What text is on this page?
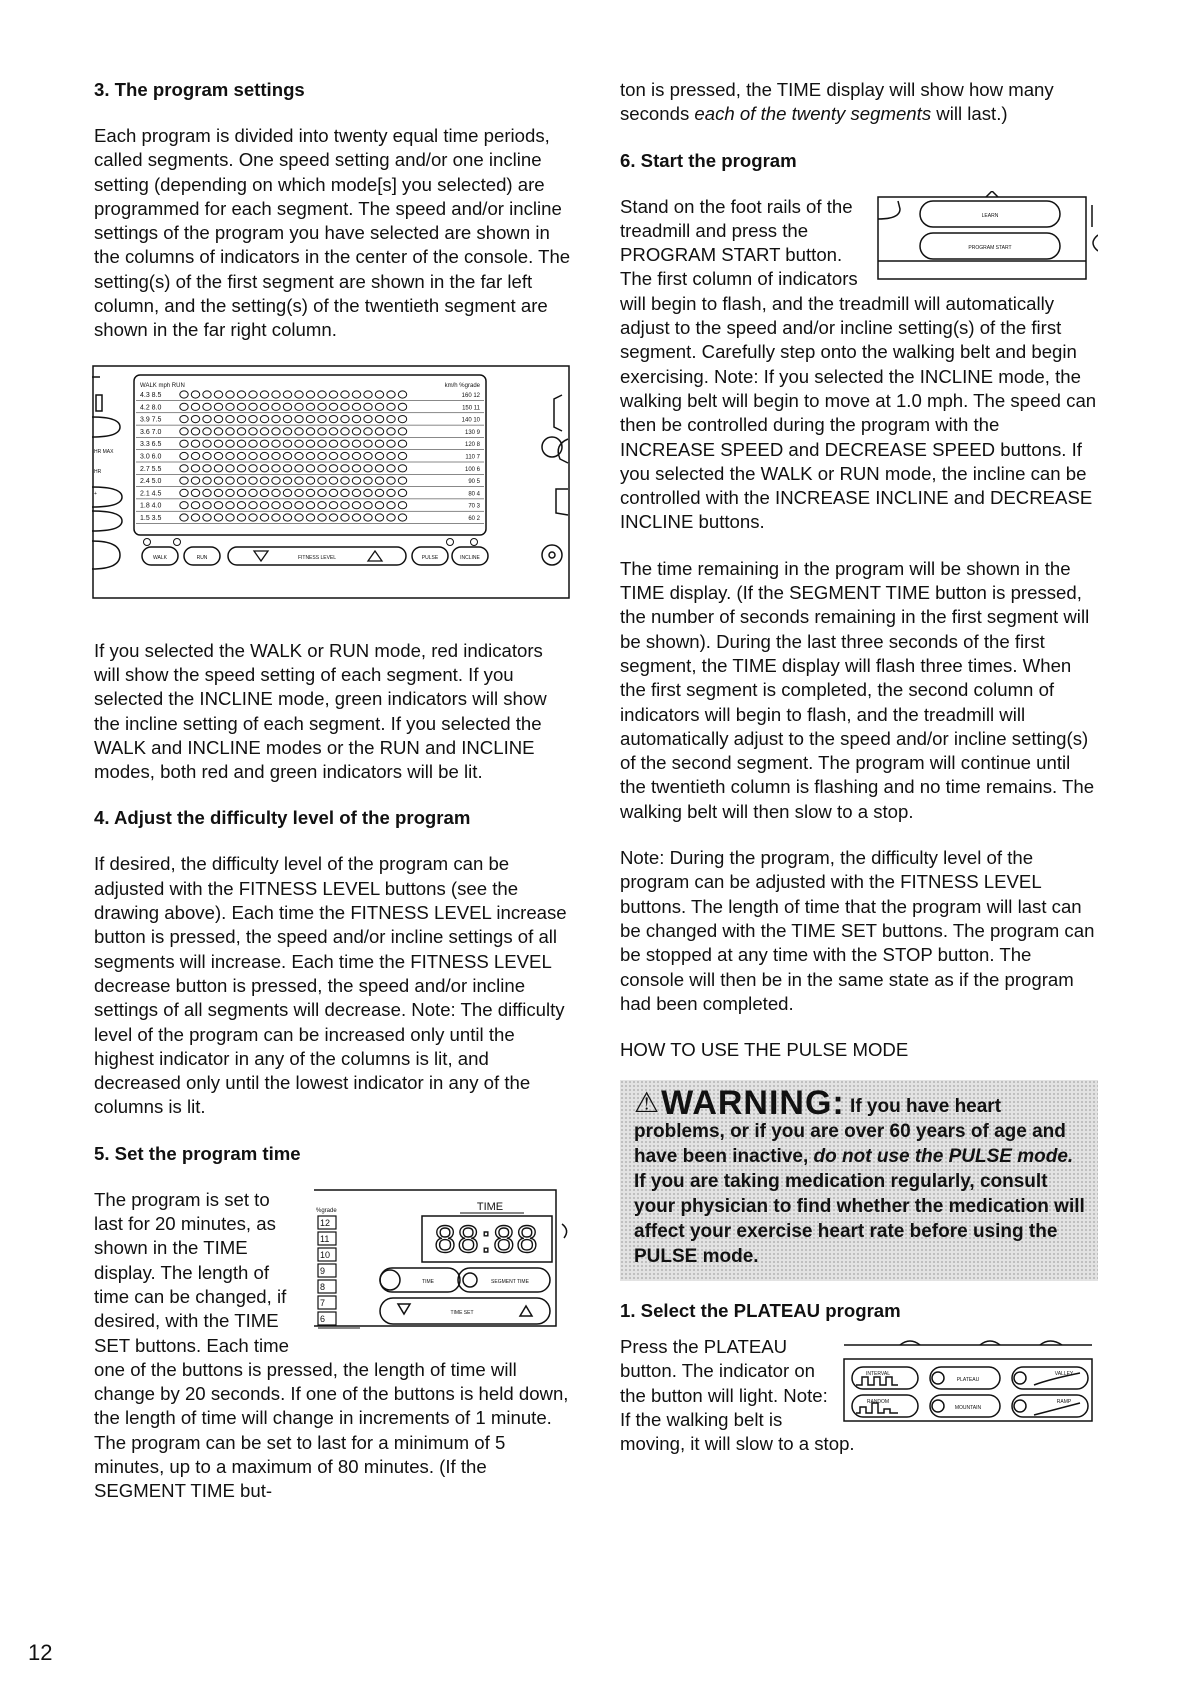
3. The program settings

Each program is divided into twenty equal time periods, called segments. One speed setting and/or one incline setting (depending on which mode[s] you selected) are programmed for each segment. The speed and/or incline settings of the program you have selected are shown in the columns of indicators in the center of the console. The setting(s) of the first segment are shown in the far left column, and the setting(s) of the twentieth segment are shown in the far right column.

WALK mph RUN	km/h %grade
4.3 8.5	160 12
4.2 8.0	150 11
3.9 7.5	140 10
3.6 7.0	130 9
3.3 6.5	120 8
3.0 6.0	110 7
2.7 5.5	100 6
2.4 5.0	90 5
2.1 4.5	80 4
1.8 4.0	70 3
1.5 3.5	60 2
HR MAX
HR
+
WALK	RUN	FITNESS LEVEL	PULSE	INCLINE

If you selected the WALK or RUN mode, red indicators will show the speed setting of each segment. If you selected the INCLINE mode, green indicators will show the incline setting of each segment. If you selected the WALK and INCLINE modes or the RUN and INCLINE modes, both red and green indicators will be lit.

4. Adjust the difficulty level of the program

If desired, the difficulty level of the program can be adjusted with the FITNESS LEVEL buttons (see the drawing above). Each time the FITNESS LEVEL increase button is pressed, the speed and/or incline settings of all segments will increase. Each time the FITNESS LEVEL decrease button is pressed, the speed and/or incline settings of all segments will decrease. Note: The difficulty level of the program can be increased only until the highest indicator in any of the columns is lit, and decreased only until the lowest indicator in any of the columns is lit.

5. Set the program time
%grade
12
11
10
9
8
7
6
TIME
88:88
TIME	SEGMENT TIME
TIME SET

The program is set to last for 20 minutes, as shown in the TIME display. The length of time can be changed, if desired, with the TIME SET buttons. Each time one of the buttons is pressed, the length of time will change by 20 seconds. If one of the buttons is held down, the length of time will change in increments of 1 minute. The program can be set to last for a minimum of 5 minutes, up to a maximum of 80 minutes. (If the SEGMENT TIME but-

ton is pressed, the TIME display will show how many seconds each of the twenty segments will last.)

6. Start the program
LEARN
PROGRAM START

Stand on the foot rails of the treadmill and press the PROGRAM START button. The first column of indicators will begin to flash, and the treadmill will automatically adjust to the speed and/or incline setting(s) of the first segment. Carefully step onto the walking belt and begin exercising. Note: If you selected the INCLINE mode, the walking belt will begin to move at 1.0 mph. The speed can then be controlled during the program with the INCREASE SPEED and DECREASE SPEED buttons. If you selected the WALK or RUN mode, the incline can be controlled with the INCREASE INCLINE and DECREASE INCLINE buttons.

The time remaining in the program will be shown in the TIME display. (If the SEGMENT TIME button is pressed, the number of seconds remaining in the first segment will be shown). During the last three seconds of the first segment, the TIME display will flash three times. When the first segment is completed, the second column of indicators will begin to flash, and the treadmill will automatically adjust to the speed and/or incline setting(s) of the second segment. The program will continue until the twentieth column is flashing and no time remains. The walking belt will then slow to a stop.

Note: During the program, the difficulty level of the program can be adjusted with the FITNESS LEVEL buttons. The length of time that the program will last can be changed with the TIME SET buttons. The program can be stopped at any time with the STOP button. The console will then be in the same state as if the program had been completed.

HOW TO USE THE PULSE MODE
⚠WARNING: If you have heart problems, or if you are over 60 years of age and have been inactive, do not use the PULSE mode. If you are taking medication regularly, consult your physician to find whether the medication will affect your exercise heart rate before using the PULSE mode.
1. Select the PLATEAU program
INTERVAL
PLATEAU
VALLEY
RANDOM
MOUNTAIN
RAMP

Press the PLATEAU button. The indicator on the button will light. Note: If the walking belt is moving, it will slow to a stop.

12
